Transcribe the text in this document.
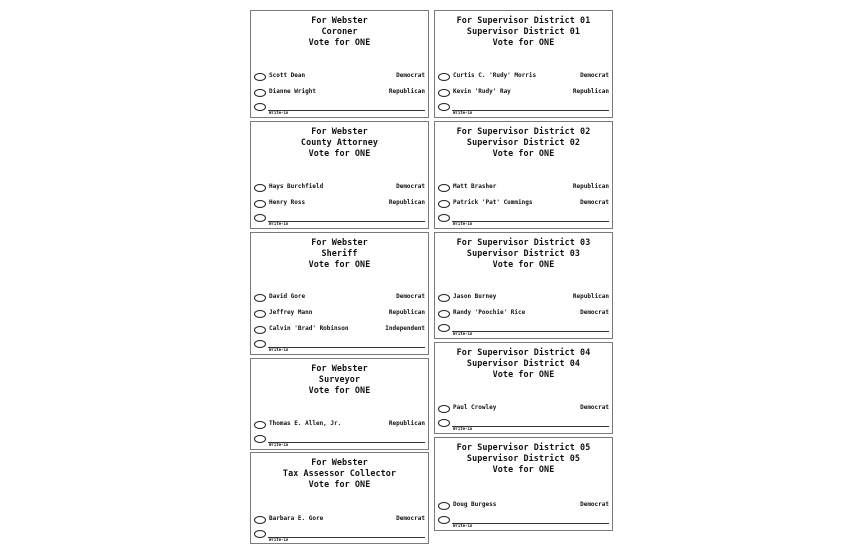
For Webster
Coroner
Vote for ONE
Scott Dean	Democrat
Dianne Wright	Republican
Write-in
For Webster
County Attorney
Vote for ONE
Hays Burchfield	Democrat
Henry Ross	Republican
Write-in
For Webster
Sheriff
Vote for ONE
David Gore	Democrat
Jeffrey Mann	Republican
Calvin 'Brad' Robinson	Independent
Write-in
For Webster
Surveyor
Vote for ONE
Thomas E. Allen, Jr.	Republican
Write-in
For Webster
Tax Assessor Collector
Vote for ONE
Barbara E. Gore	Democrat
Write-in
For Supervisor District 01
Supervisor District 01
Vote for ONE
Curtis C. 'Rudy' Morris	Democrat
Kevin 'Rudy' Ray	Republican
Write-in
For Supervisor District 02
Supervisor District 02
Vote for ONE
Matt Brasher	Republican
Patrick 'Pat' Cummings	Democrat
Write-in
For Supervisor District 03
Supervisor District 03
Vote for ONE
Jason Burney	Republican
Randy 'Poochie' Rice	Democrat
Write-in
For Supervisor District 04
Supervisor District 04
Vote for ONE
Paul Crowley	Democrat
Write-in
For Supervisor District 05
Supervisor District 05
Vote for ONE
Doug Burgess	Democrat
Write-in
